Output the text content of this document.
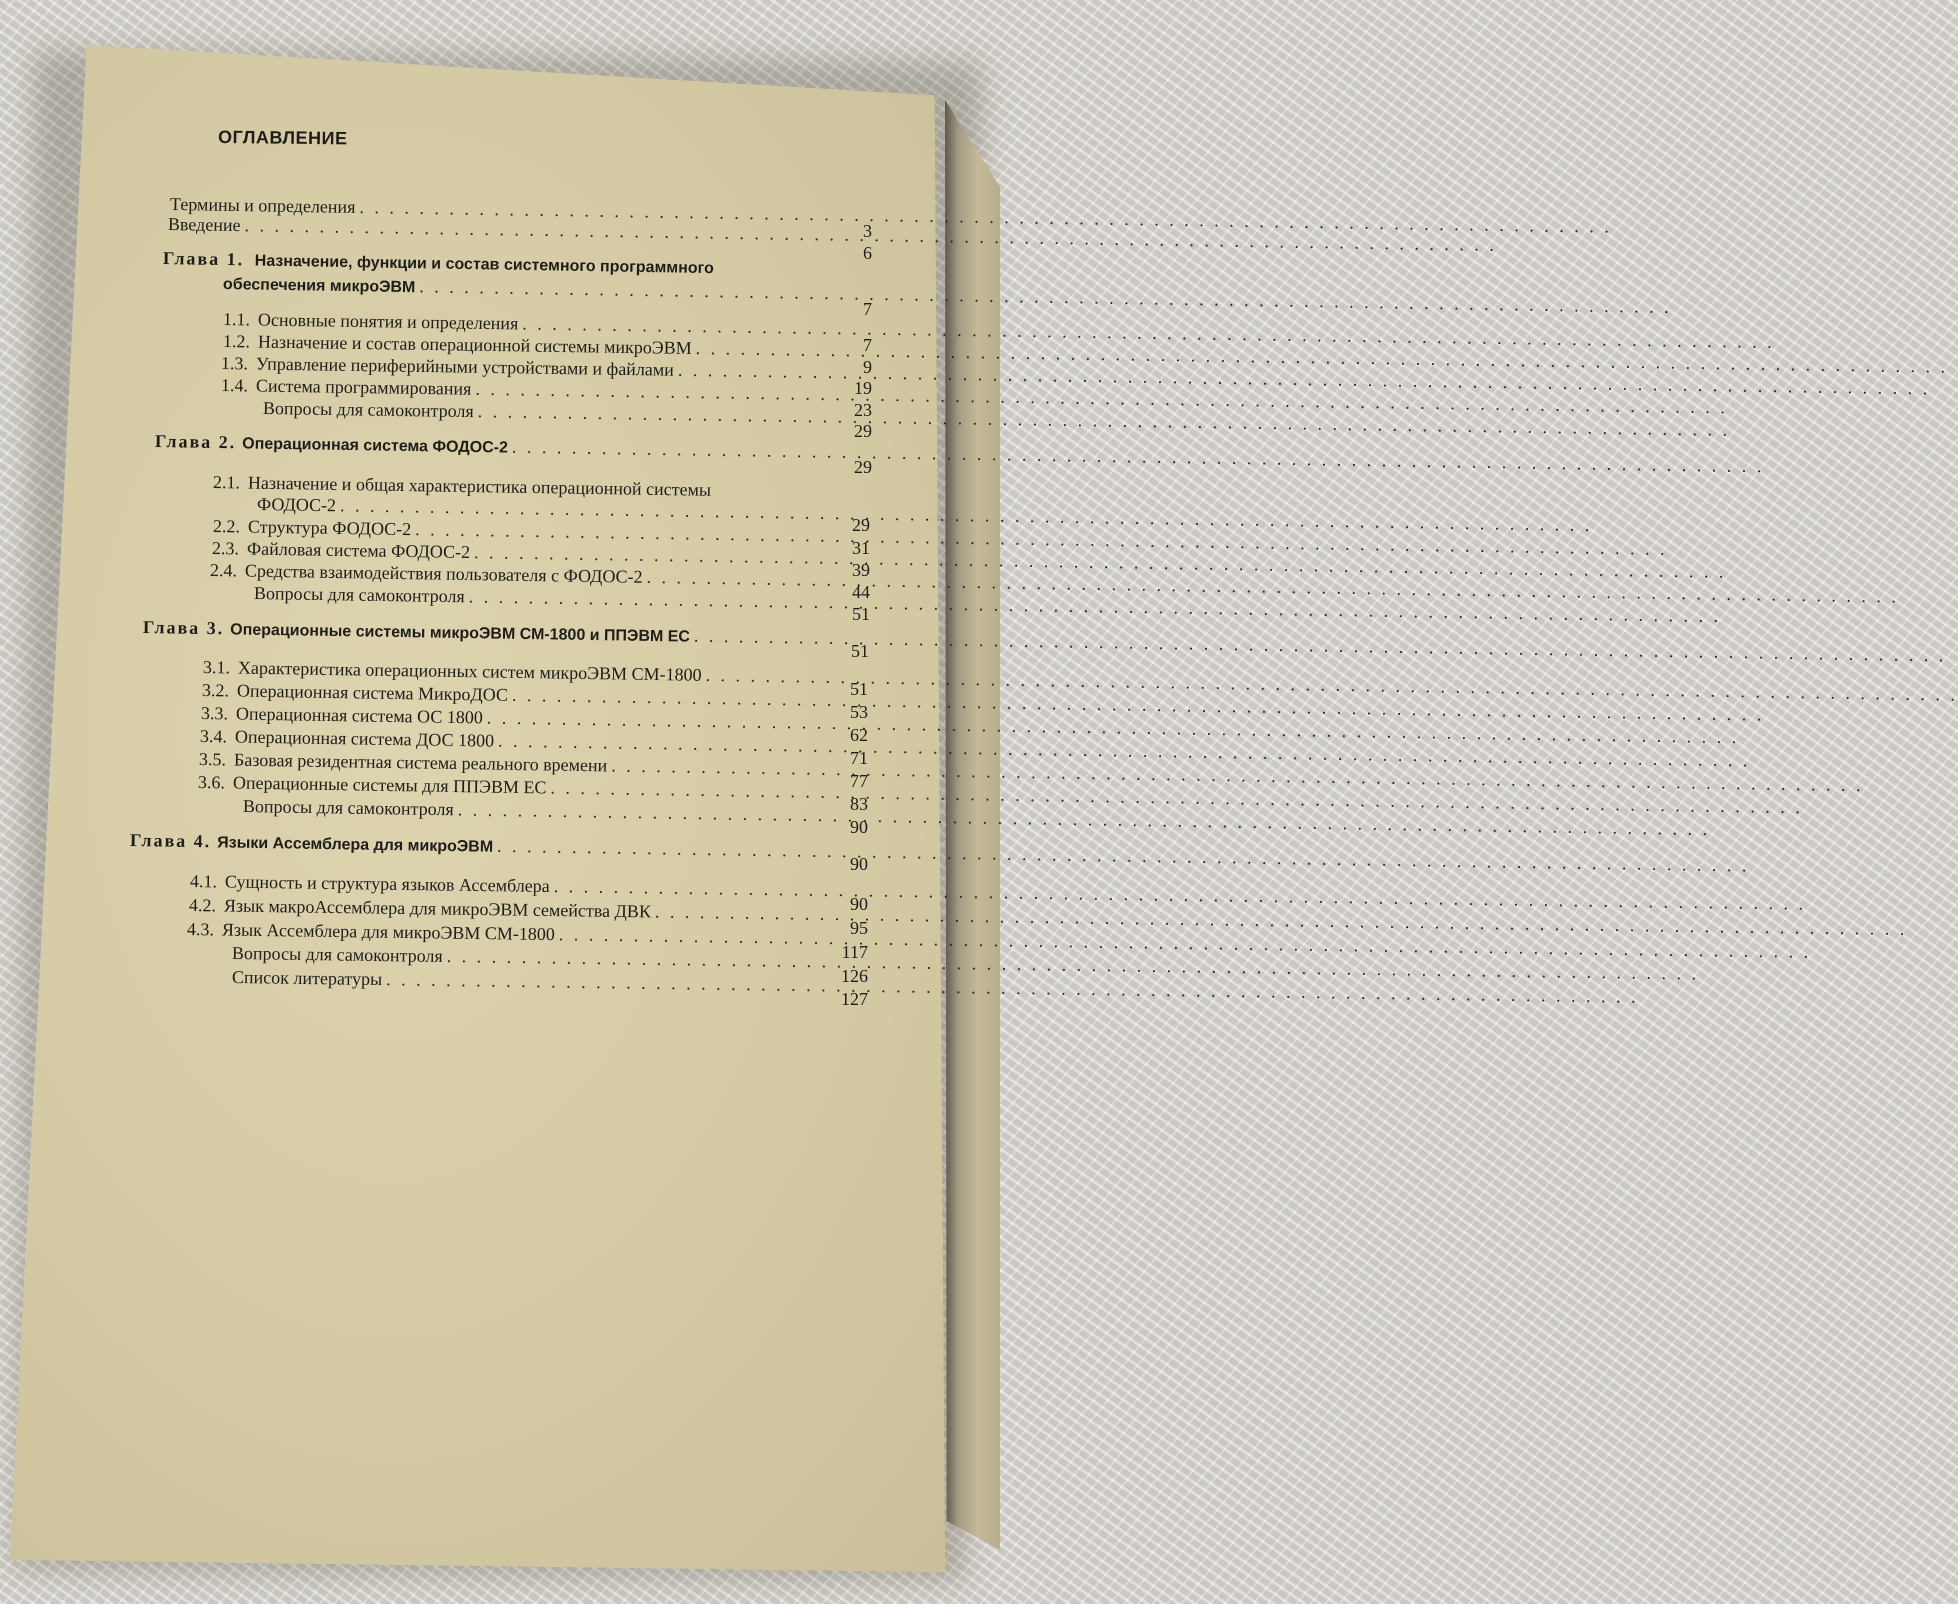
ОГЛАВЛЕНИЕ
Термины и определения
. . .
Введение
. . .
Глава 1. Назначение, функции и состав системного программного
обеспечения микроЭВМ
. . .
1.1. Основные понятия и определения
. . .
1.2. Назначение и состав операционной системы микроЭВМ
. . .
1.3. Управление периферийными устройствами и файлами
. . .
1.4. Система программирования
. . .
Вопросы для самоконтроля
. . .
Глава 2. Операционная система ФОДОС-2
. . .
2.1. Назначение и общая характеристика операционной системы
ФОДОС-2
. . .
2.2. Структура ФОДОС-2
. . .
2.3. Файловая система ФОДОС-2
. . .
2.4. Средства взаимодействия пользователя с ФОДОС-2
. . .
Вопросы для самоконтроля
. . .
Глава 3. Операционные системы микроЭВМ СМ-1800 и ППЭВМ ЕС
. . .
3.1. Характеристика операционных систем микроЭВМ СМ-1800
. . .
3.2. Операционная система МикроДОС
. . .
3.3. Операционная система ОС 1800
. . .
3.4. Операционная система ДОС 1800
. . .
3.5. Базовая резидентная система реального времени
. . .
3.6. Операционные системы для ППЭВМ ЕС
. . .
Вопросы для самоконтроля
. . .
Глава 4. Языки Ассемблера для микроЭВМ
. . .
4.1. Сущность и структура языков Ассемблера
. . .
4.2. Язык макроАссемблера для микроЭВМ семейства ДВК
. . .
4.3. Язык Ассемблера для микроЭВМ СМ-1800
. . .
Вопросы для самоконтроля
. . .
Список литературы
. . .
3
6
7
7
9
19
23
29
29
29
31
39
44
51
51
51
53
62
71
77
83
90
90
90
95
117
126
127
